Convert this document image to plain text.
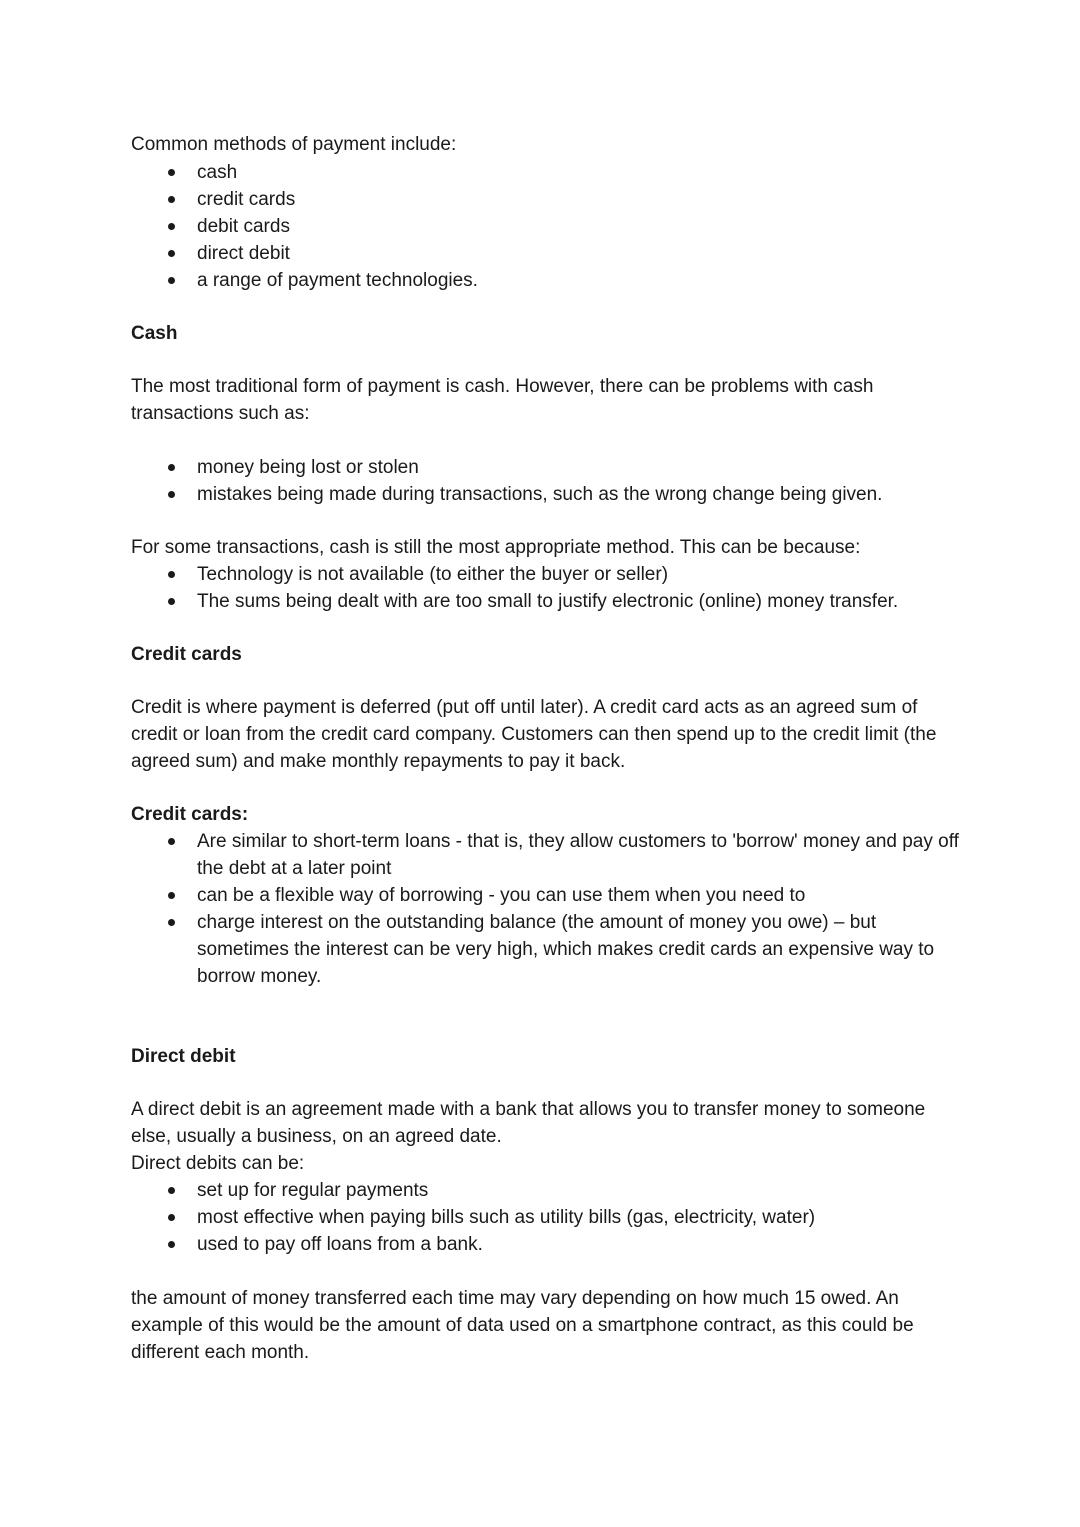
Common methods of payment include:

cash
credit cards
debit cards
direct debit
a range of payment technologies.
Cash

The most traditional form of payment is cash. However, there can be problems with cash transactions such as:

money being lost or stolen
mistakes being made during transactions, such as the wrong change being given.

For some transactions, cash is still the most appropriate method. This can be because:

Technology is not available (to either the buyer or seller)
The sums being dealt with are too small to justify electronic (online) money transfer.
Credit cards

Credit is where payment is deferred (put off until later). A credit card acts as an agreed sum of credit or loan from the credit card company. Customers can then spend up to the credit limit (the agreed sum) and make monthly repayments to pay it back.

Credit cards:
Are similar to short-term loans - that is, they allow customers to 'borrow' money and pay off the debt at a later point
can be a flexible way of borrowing - you can use them when you need to
charge interest on the outstanding balance (the amount of money you owe) – but sometimes the interest can be very high, which makes credit cards an expensive way to borrow money.
Direct debit

A direct debit is an agreement made with a bank that allows you to transfer money to someone else, usually a business, on an agreed date.

Direct debits can be:

set up for regular payments
most effective when paying bills such as utility bills (gas, electricity, water)
used to pay off loans from a bank.

the amount of money transferred each time may vary depending on how much 15 owed. An example of this would be the amount of data used on a smartphone contract, as this could be different each month.
